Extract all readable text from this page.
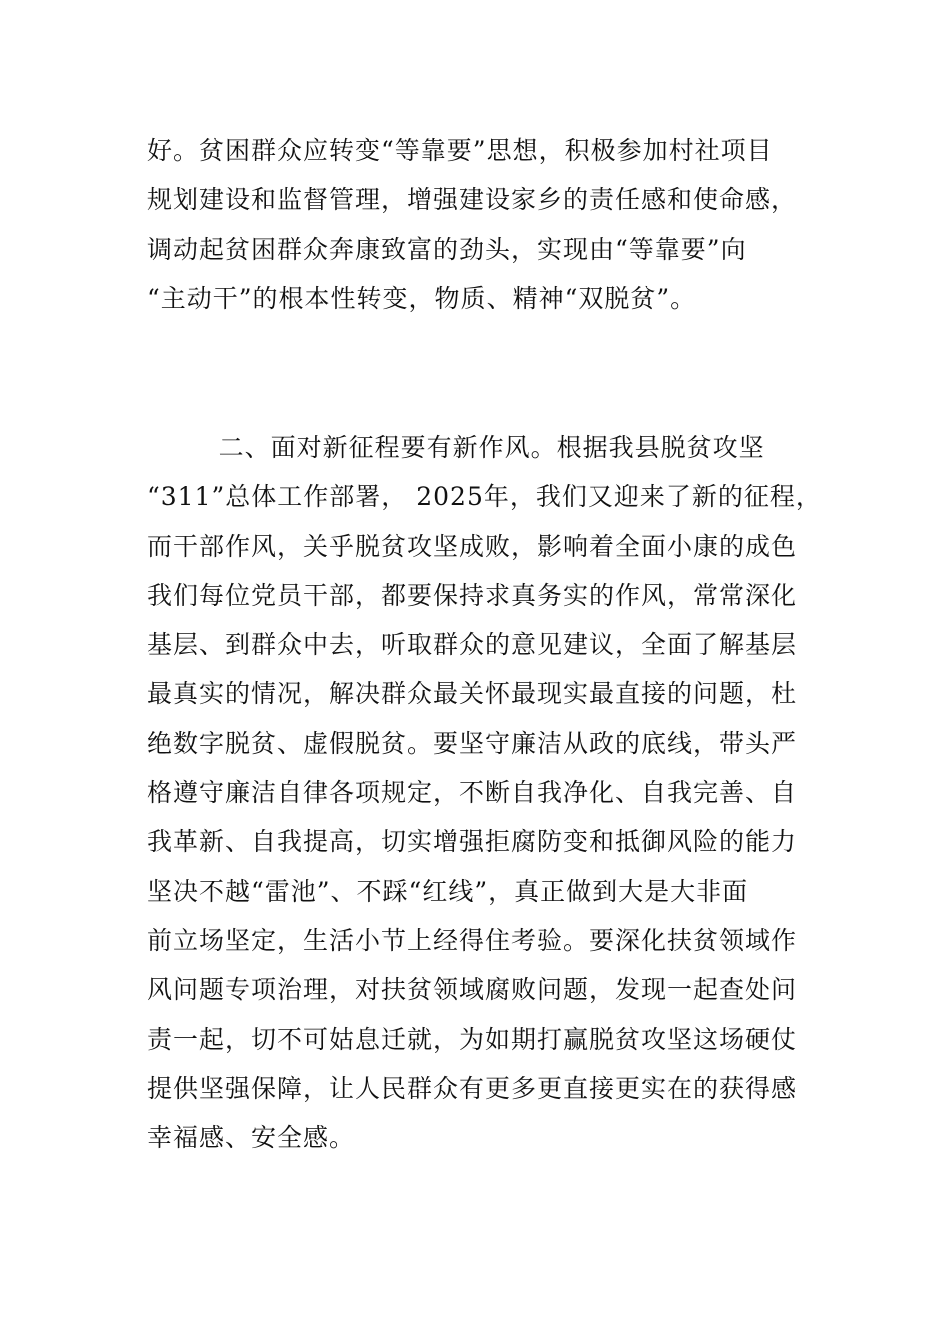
好。贫困群众应转变“等靠要”思想，积极参加村社项目
规划建设和监督管理，增强建设家乡的责任感和使命感，
调动起贫困群众奔康致富的劲头，实现由“等靠要”向
“主动干”的根本性转变，物质、精神“双脱贫”。
二、面对新征程要有新作风。根据我县脱贫攻坚
“311”总体工作部署， 2025年，我们又迎来了新的征程，
而干部作风，关乎脱贫攻坚成败，影响着全面小康的成色
我们每位党员干部，都要保持求真务实的作风，常常深化
基层、到群众中去，听取群众的意见建议，全面了解基层
最真实的情况，解决群众最关怀最现实最直接的问题，杜
绝数字脱贫、虚假脱贫。要坚守廉洁从政的底线，带头严
格遵守廉洁自律各项规定，不断自我净化、自我完善、自
我革新、自我提高，切实增强拒腐防变和抵御风险的能力
坚决不越“雷池”、不踩“红线”，真正做到大是大非面
前立场坚定，生活小节上经得住考验。要深化扶贫领域作
风问题专项治理，对扶贫领域腐败问题，发现一起查处问
责一起，切不可姑息迁就，为如期打赢脱贫攻坚这场硬仗
提供坚强保障，让人民群众有更多更直接更实在的获得感
幸福感、安全感。
